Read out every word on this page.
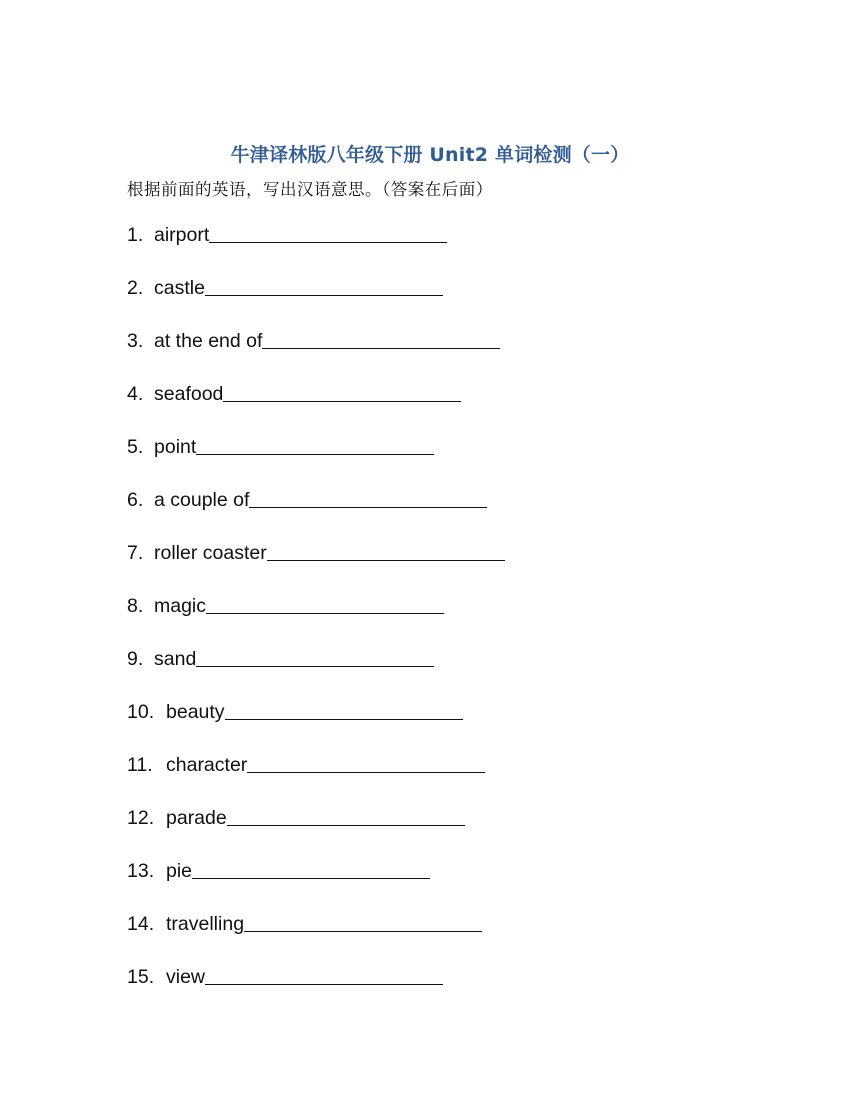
牛津译林版八年级下册 Unit2 单词检测（一）
根据前面的英语，写出汉语意思。（答案在后面）
1. airport
2. castle
3. at the end of
4. seafood
5. point
6. a couple of
7. roller coaster
8. magic
9. sand
10. beauty
11. character
12. parade
13. pie
14. travelling
15. view
